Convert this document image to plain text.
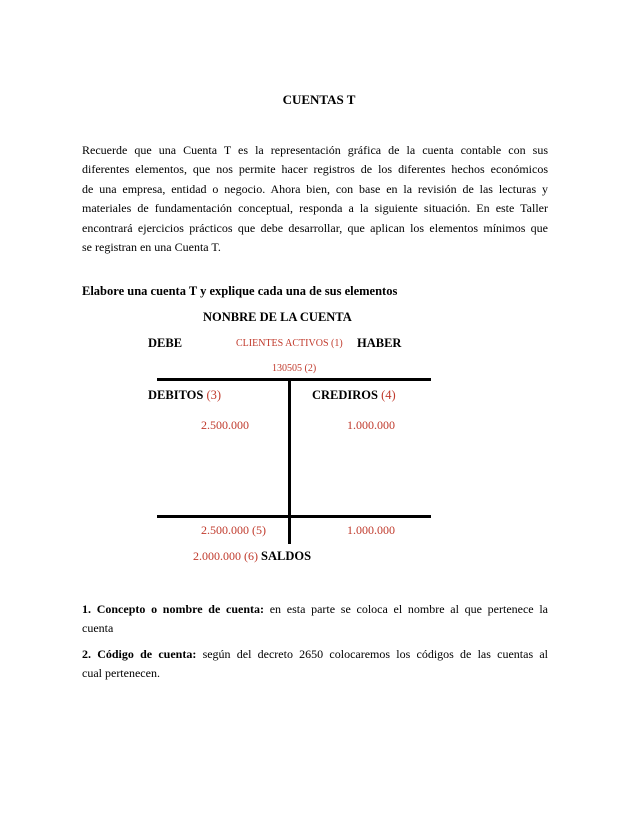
CUENTAS T
Recuerde que una Cuenta T es la representación gráfica de la cuenta contable con sus
diferentes elementos, que nos permite hacer registros de los diferentes hechos económicos
de una empresa, entidad o negocio. Ahora bien, con base en la revisión de las lecturas y
materiales de fundamentación conceptual, responda a la siguiente situación. En este Taller
encontrará ejercicios prácticos que debe desarrollar, que aplican los elementos mínimos que
se registran en una Cuenta T.
Elabore una cuenta T y explique cada una de sus elementos
NONBRE DE LA CUENTA
DEBE	CLIENTES ACTIVOS (1) HABER
130505 (2)
DEBITOS (3)	CREDIROS (4)
2.500.000	1.000.000
2.500.000 (5)	1.000.000
2.000.000 (6) SALDOS
1. Concepto o nombre de cuenta: en esta parte se coloca el nombre al que pertenece la
cuenta
2. Código de cuenta: según del decreto 2650 colocaremos los códigos de las cuentas al
cual pertenecen.
